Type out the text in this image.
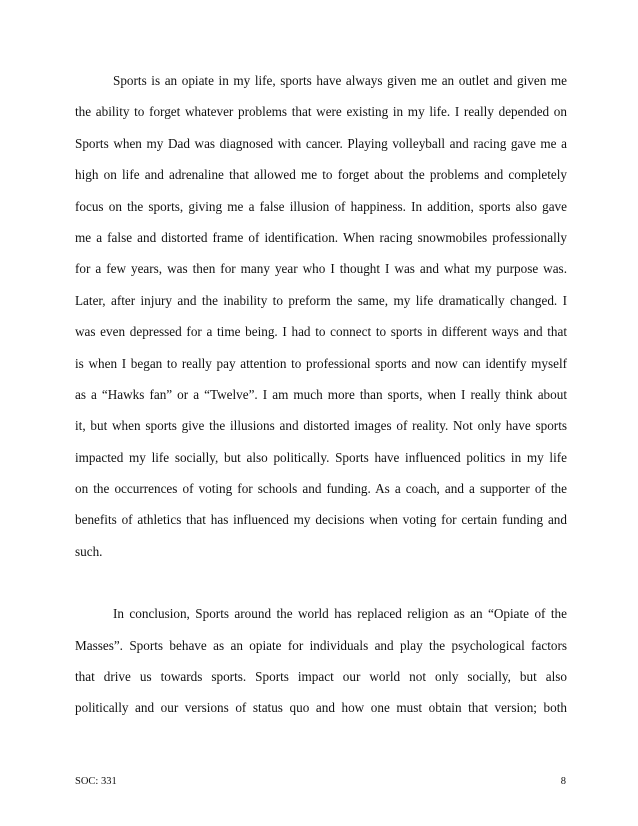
Sports is an opiate in my life, sports have always given me an outlet and given me
the ability to forget whatever problems that were existing in my life. I really depended on
Sports when my Dad was diagnosed with cancer. Playing volleyball and racing gave me a
high on life and adrenaline that allowed me to forget about the problems and completely
focus on the sports, giving me a false illusion of happiness. In addition, sports also gave
me a false and distorted frame of identification. When racing snowmobiles professionally
for a few years, was then for many year who I thought I was and what my purpose was.
Later, after injury and the inability to preform the same, my life dramatically changed. I
was even depressed for a time being. I had to connect to sports in different ways and that
is when I began to really pay attention to professional sports and now can identify myself
as a “Hawks fan” or a “Twelve”. I am much more than sports, when I really think about
it, but when sports give the illusions and distorted images of reality. Not only have sports
impacted my life socially, but also politically. Sports have influenced politics in my life
on the occurrences of voting for schools and funding. As a coach, and a supporter of the
benefits of athletics that has influenced my decisions when voting for certain funding and
such.
In conclusion, Sports around the world has replaced religion as an “Opiate of the
Masses”. Sports behave as an opiate for individuals and play the psychological factors
that drive us towards sports. Sports impact our world not only socially, but also
politically and our versions of status quo and how one must obtain that version; both
SOC: 331	8
